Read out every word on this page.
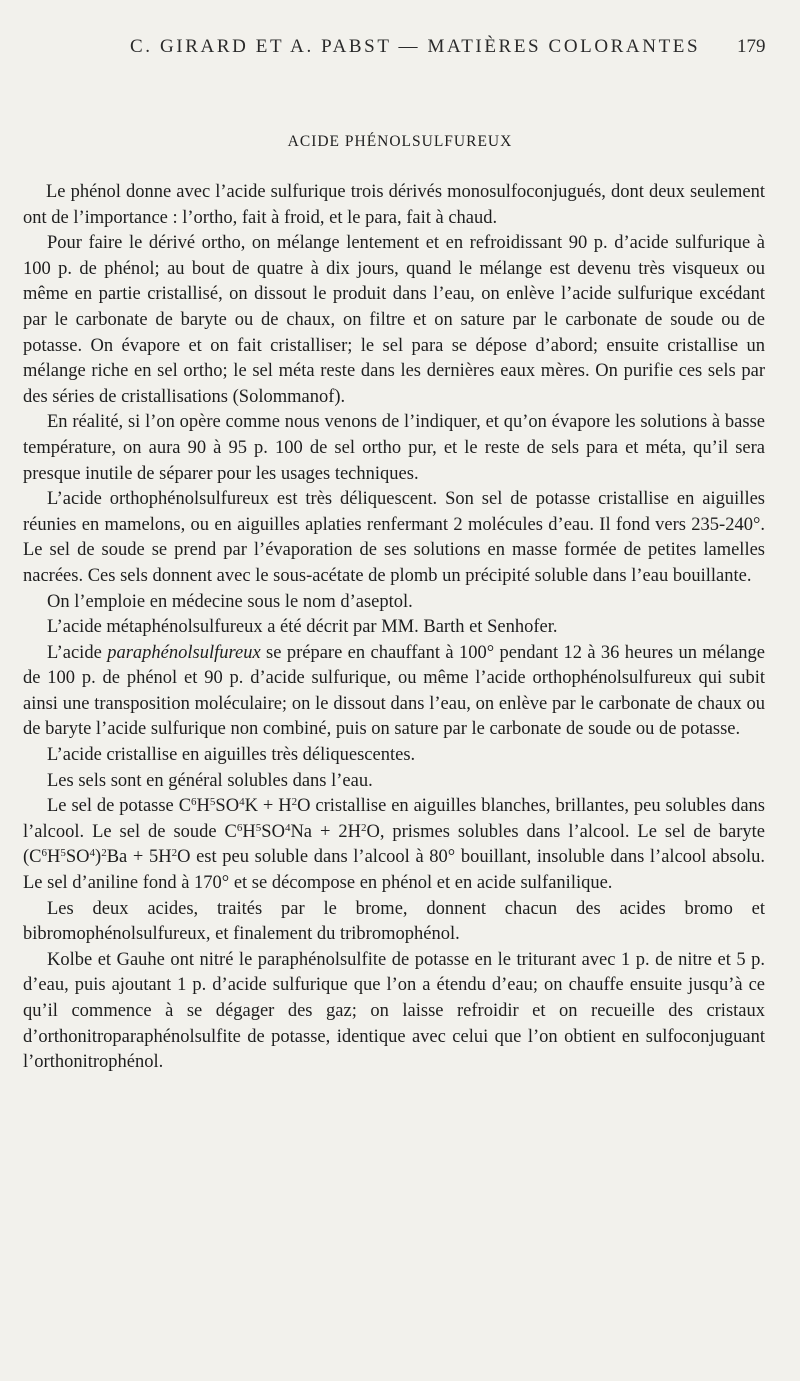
C. GIRARD ET A. PABST — MATIÈRES COLORANTES 179
ACIDE PHÉNOLSULFUREUX

Le phénol donne avec l’acide sulfurique trois dérivés monosulfoconjugués, dont deux seulement ont de l’importance : l’ortho, fait à froid, et le para, fait à chaud.

Pour faire le dérivé ortho, on mélange lentement et en refroidissant 90 p. d’acide sulfurique à 100 p. de phénol; au bout de quatre à dix jours, quand le mélange est devenu très visqueux ou même en partie cristallisé, on dissout le produit dans l’eau, on enlève l’acide sulfurique excédant par le carbonate de baryte ou de chaux, on filtre et on sature par le carbonate de soude ou de potasse. On évapore et on fait cristalliser; le sel para se dépose d’abord; ensuite cristallise un mélange riche en sel ortho; le sel méta reste dans les dernières eaux mères. On purifie ces sels par des séries de cristallisations (Solommanof).

En réalité, si l’on opère comme nous venons de l’indiquer, et qu’on évapore les solutions à basse température, on aura 90 à 95 p. 100 de sel ortho pur, et le reste de sels para et méta, qu’il sera presque inutile de séparer pour les usages techniques.

L’acide orthophénolsulfureux est très déliquescent. Son sel de potasse cristallise en aiguilles réunies en mamelons, ou en aiguilles aplaties renfermant 2 molécules d’eau. Il fond vers 235-240°. Le sel de soude se prend par l’évaporation de ses solutions en masse formée de petites lamelles nacrées. Ces sels donnent avec le sous-acétate de plomb un précipité soluble dans l’eau bouillante.

On l’emploie en médecine sous le nom d’aseptol.

L’acide métaphénolsulfureux a été décrit par MM. Barth et Senhofer.

L’acide paraphénolsulfureux se prépare en chauffant à 100° pendant 12 à 36 heures un mélange de 100 p. de phénol et 90 p. d’acide sulfurique, ou même l’acide orthophénolsulfureux qui subit ainsi une transposition moléculaire; on le dissout dans l’eau, on enlève par le carbonate de chaux ou de baryte l’acide sulfurique non combiné, puis on sature par le carbonate de soude ou de potasse.

L’acide cristallise en aiguilles très déliquescentes.

Les sels sont en général solubles dans l’eau.

Le sel de potasse $C^6H^5SO^4K + H^2O$ cristallise en aiguilles blanches, brillantes, peu solubles dans l’alcool. Le sel de soude $C^6H^5SO^4Na + 2H^2O$, prismes solubles dans l’alcool. Le sel de baryte $(C^6H^5SO^4)^2Ba + 5H^2O$ est peu soluble dans l’alcool à 80° bouillant, insoluble dans l’alcool absolu. Le sel d’aniline fond à 170° et se décompose en phénol et en acide sulfanilique.

Les deux acides, traités par le brome, donnent chacun des acides bromo et bibromophénolsulfureux, et finalement du tribromophénol.

Kolbe et Gauhe ont nitré le paraphénolsulfite de potasse en le triturant avec 1 p. de nitre et 5 p. d’eau, puis ajoutant 1 p. d’acide sulfurique que l’on a étendu d’eau; on chauffe ensuite jusqu’à ce qu’il commence à se dégager des gaz; on laisse refroidir et on recueille des cristaux d’orthonitroparaphénolsulfite de potasse, identique avec celui que l’on obtient en sulfoconjuguant l’orthonitrophénol.
